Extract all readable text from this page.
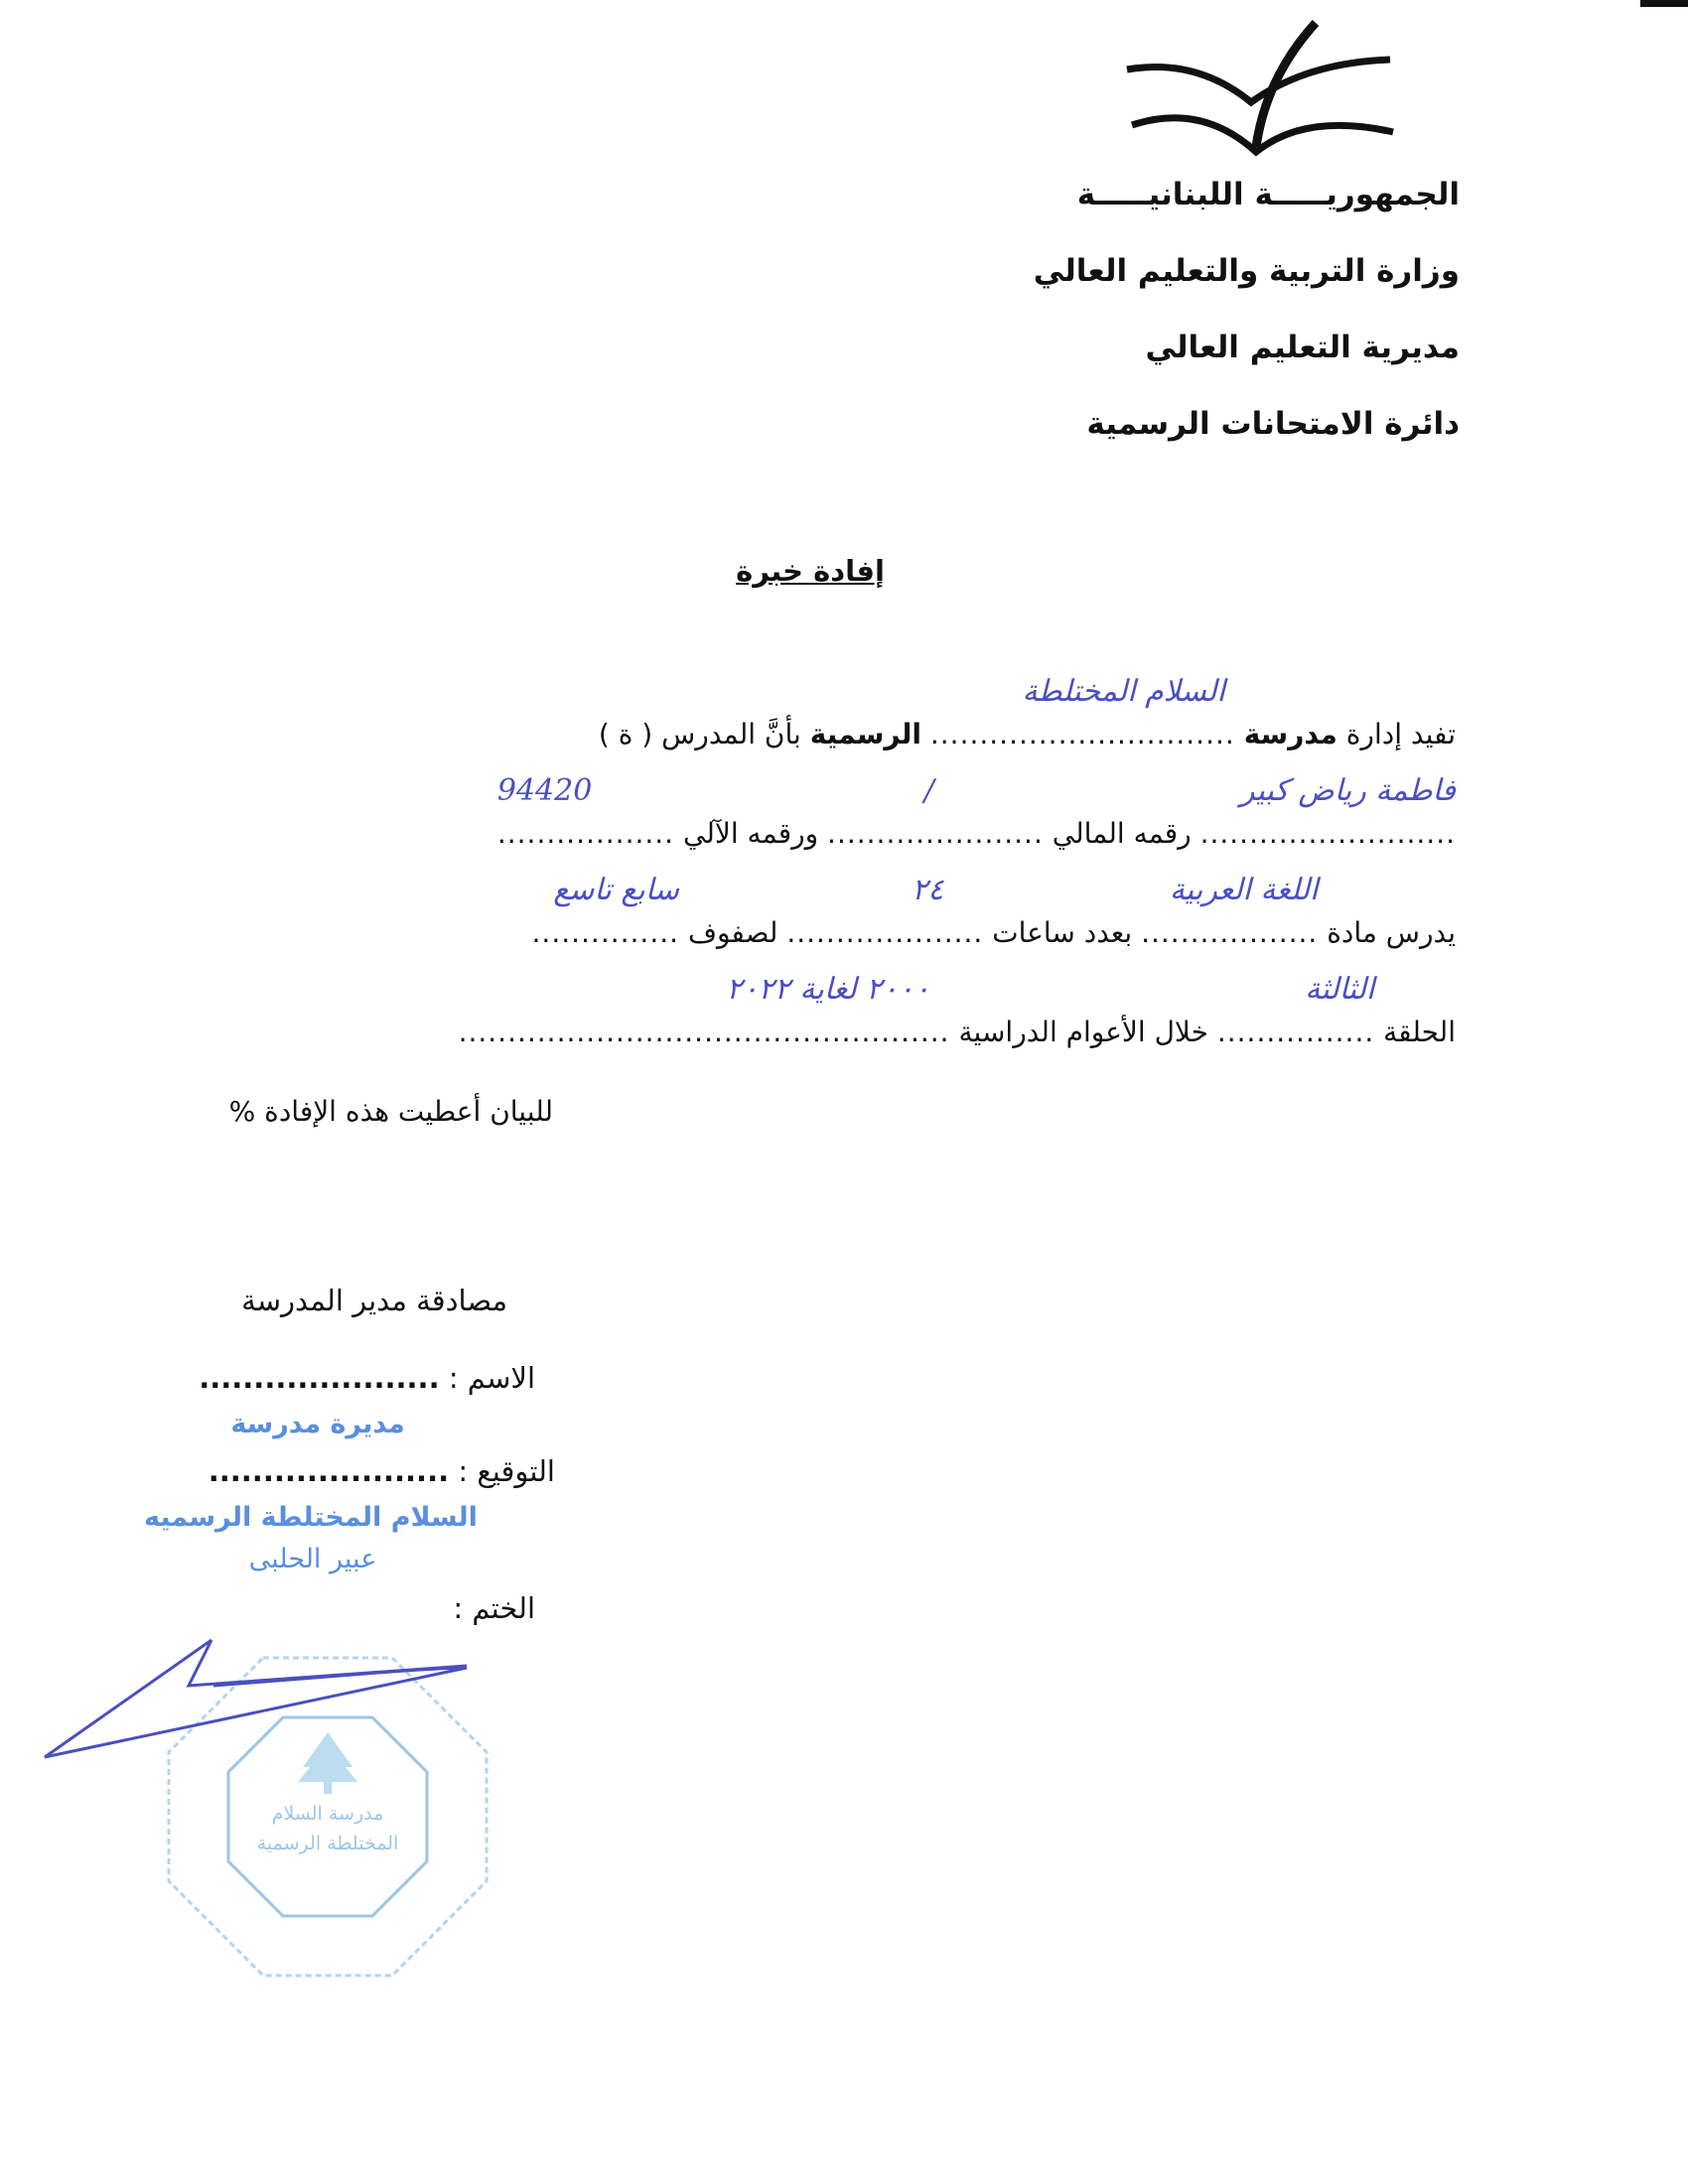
الجمهوريـــــة اللبنانيـــــة
وزارة التربية والتعليم العالي
مديرية التعليم العالي
دائرة الامتحانات الرسمية
إفادة خبرة
تفيد إدارة مدرسة ...............................
السلام المختلطة
الرسمية بأنَّ المدرس ( ة )
..........................
فاطمة رياض كبير
رقمه المالي ......................
/
ورقمه الآلي ..................
94420
يدرس مادة ..................
اللغة العربية
بعدد ساعات ....................
٢٤
لصفوف ...............
سابع تاسع
الحلقة ................
الثالثة
خلال الأعوام الدراسية ..................................................
٢٠٠٠ لغاية ٢٠٢٢
للبيان أعطيت هذه الإفادة %
مصادقة مدير المدرسة
الاسم : ......................
مديرة مدرسة
التوقيع : ......................
السلام المختلطة الرسميه
عبير الحلبى
الختم :
مدرسة السلام
المختلطة الرسمية
